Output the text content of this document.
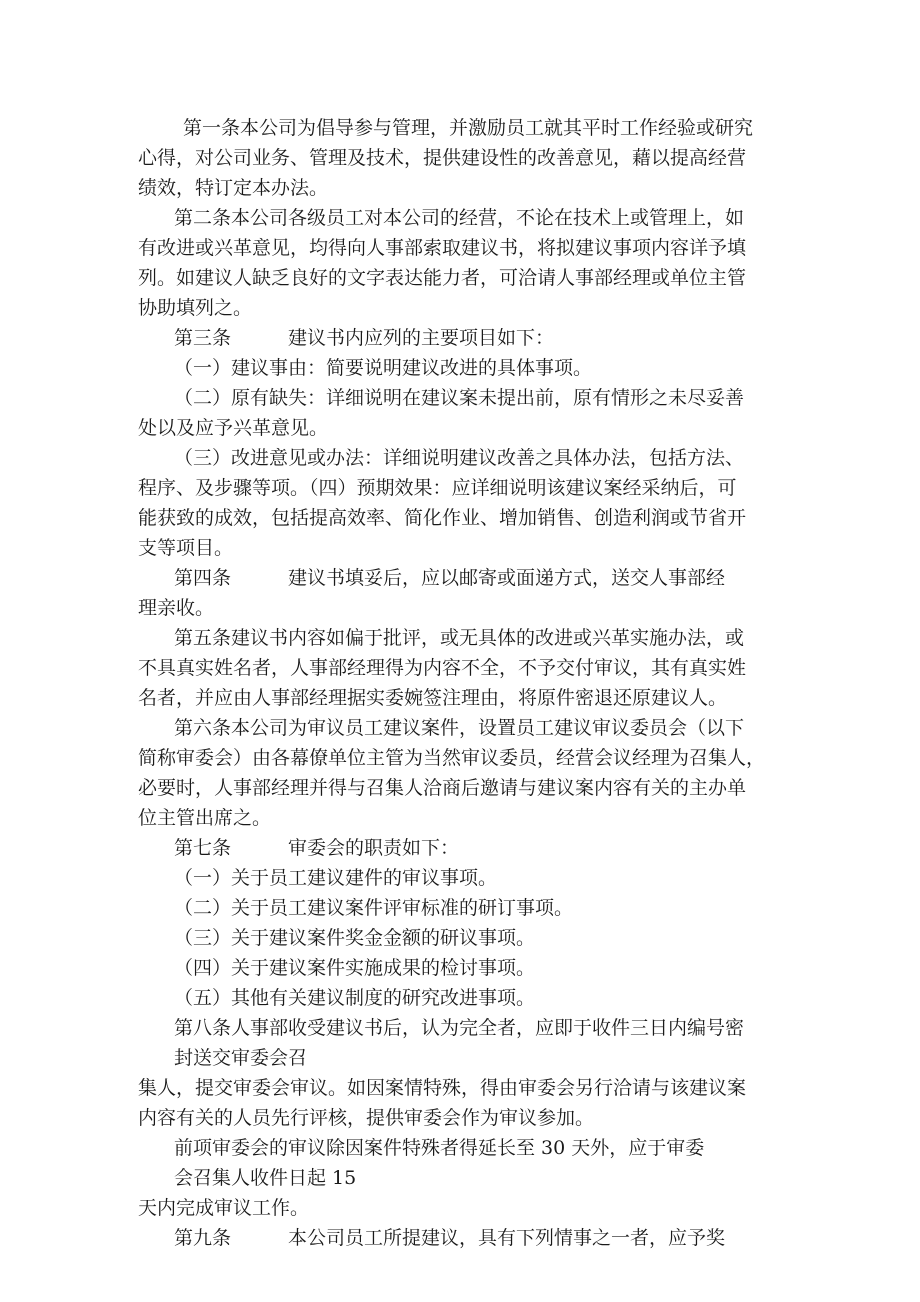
第一条本公司为倡导参与管理，并激励员工就其平时工作经验或研究
心得，对公司业务、管理及技术，提供建设性的改善意见，藉以提高经营
绩效，特订定本办法。
第二条本公司各级员工对本公司的经营，不论在技术上或管理上，如
有改进或兴革意见，均得向人事部索取建议书，将拟建议事项内容详予填
列。如建议人缺乏良好的文字表达能力者，可洽请人事部经理或单位主管
协助填列之。
第三条　　　建议书内应列的主要项目如下：
（一）建议事由：简要说明建议改进的具体事项。
（二）原有缺失：详细说明在建议案未提出前，原有情形之未尽妥善
处以及应予兴革意见。
（三）改进意见或办法：详细说明建议改善之具体办法，包括方法、
程序、及步骤等项。（四）预期效果：应详细说明该建议案经采纳后，可
能获致的成效，包括提高效率、简化作业、增加销售、创造利润或节省开
支等项目。
第四条　　　建议书填妥后，应以邮寄或面递方式，送交人事部经
理亲收。
第五条建议书内容如偏于批评，或无具体的改进或兴革实施办法，或
不具真实姓名者，人事部经理得为内容不全，不予交付审议，其有真实姓
名者，并应由人事部经理据实委婉签注理由，将原件密退还原建议人。
第六条本公司为审议员工建议案件，设置员工建议审议委员会（以下
简称审委会）由各幕僚单位主管为当然审议委员，经营会议经理为召集人，
必要时，人事部经理并得与召集人洽商后邀请与建议案内容有关的主办单
位主管出席之。
第七条　　　审委会的职责如下：
（一）关于员工建议建件的审议事项。
（二）关于员工建议案件评审标准的研订事项。
（三）关于建议案件奖金金额的研议事项。
（四）关于建议案件实施成果的检讨事项。
（五）其他有关建议制度的研究改进事项。
第八条人事部收受建议书后，认为完全者，应即于收件三日内编号密
封送交审委会召
集人，提交审委会审议。如因案情特殊，得由审委会另行洽请与该建议案
内容有关的人员先行评核，提供审委会作为审议参加。
前项审委会的审议除因案件特殊者得延长至 30 天外，应于审委
会召集人收件日起 15
天内完成审议工作。
第九条　　　本公司员工所提建议，具有下列情事之一者，应予奖
